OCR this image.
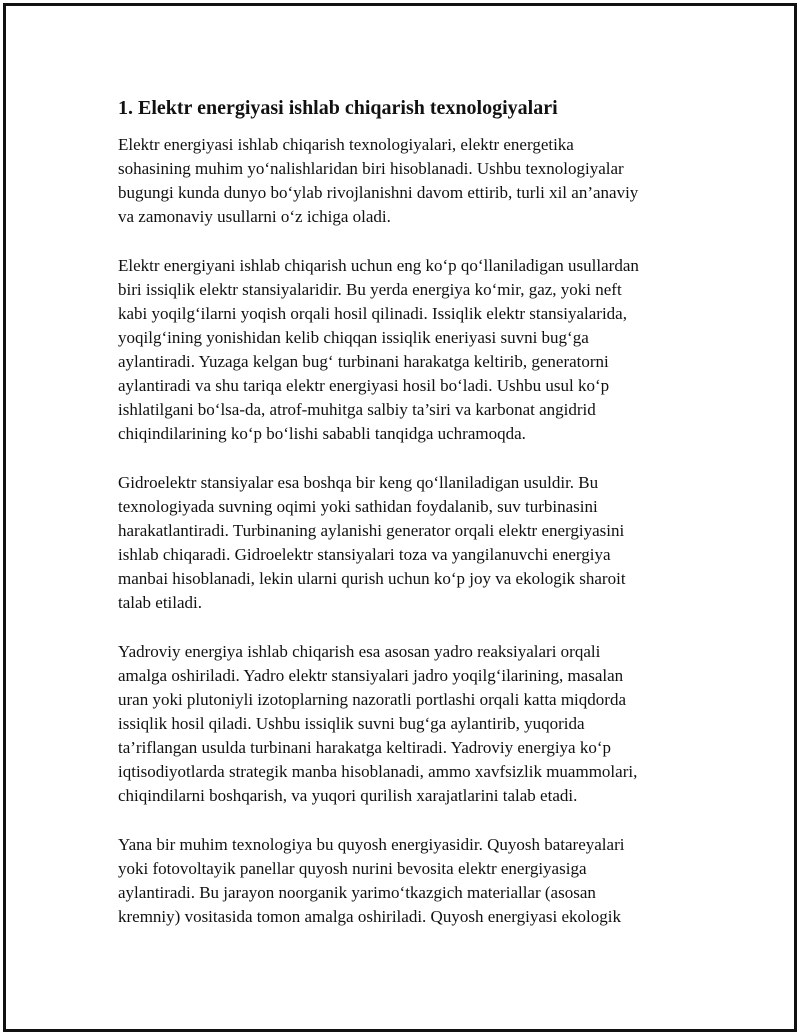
1. Elektr energiyasi ishlab chiqarish texnologiyalari
Elektr energiyasi ishlab chiqarish texnologiyalari, elektr energetika
sohasining muhim yo‘nalishlaridan biri hisoblanadi. Ushbu texnologiyalar
bugungi kunda dunyo bo‘ylab rivojlanishni davom ettirib, turli xil an’anaviy
va zamonaviy usullarni o‘z ichiga oladi.
Elektr energiyani ishlab chiqarish uchun eng ko‘p qo‘llaniladigan usullardan
biri issiqlik elektr stansiyalaridir. Bu yerda energiya ko‘mir, gaz, yoki neft
kabi yoqilg‘ilarni yoqish orqali hosil qilinadi. Issiqlik elektr stansiyalarida,
yoqilg‘ining yonishidan kelib chiqqan issiqlik eneriyasi suvni bug‘ga
aylantiradi. Yuzaga kelgan bug‘ turbinani harakatga keltirib, generatorni
aylantiradi va shu tariqa elektr energiyasi hosil bo‘ladi. Ushbu usul ko‘p
ishlatilgani bo‘lsa-da, atrof-muhitga salbiy ta’siri va karbonat angidrid
chiqindilarining ko‘p bo‘lishi sababli tanqidga uchramoqda.
Gidroelektr stansiyalar esa boshqa bir keng qo‘llaniladigan usuldir. Bu
texnologiyada suvning oqimi yoki sathidan foydalanib, suv turbinasini
harakatlantiradi. Turbinaning aylanishi generator orqali elektr energiyasini
ishlab chiqaradi. Gidroelektr stansiyalari toza va yangilanuvchi energiya
manbai hisoblanadi, lekin ularni qurish uchun ko‘p joy va ekologik sharoit
talab etiladi.
Yadroviy energiya ishlab chiqarish esa asosan yadro reaksiyalari orqali
amalga oshiriladi. Yadro elektr stansiyalari jadro yoqilg‘ilarining, masalan
uran yoki plutoniyli izotoplarning nazoratli portlashi orqali katta miqdorda
issiqlik hosil qiladi. Ushbu issiqlik suvni bug‘ga aylantirib, yuqorida
ta’riflangan usulda turbinani harakatga keltiradi. Yadroviy energiya ko‘p
iqtisodiyotlarda strategik manba hisoblanadi, ammo xavfsizlik muammolari,
chiqindilarni boshqarish, va yuqori qurilish xarajatlarini talab etadi.
Yana bir muhim texnologiya bu quyosh energiyasidir. Quyosh batareyalari
yoki fotovoltayik panellar quyosh nurini bevosita elektr energiyasiga
aylantiradi. Bu jarayon noorganik yarimo‘tkazgich materiallar (asosan
kremniy) vositasida tomon amalga oshiriladi. Quyosh energiyasi ekologik
